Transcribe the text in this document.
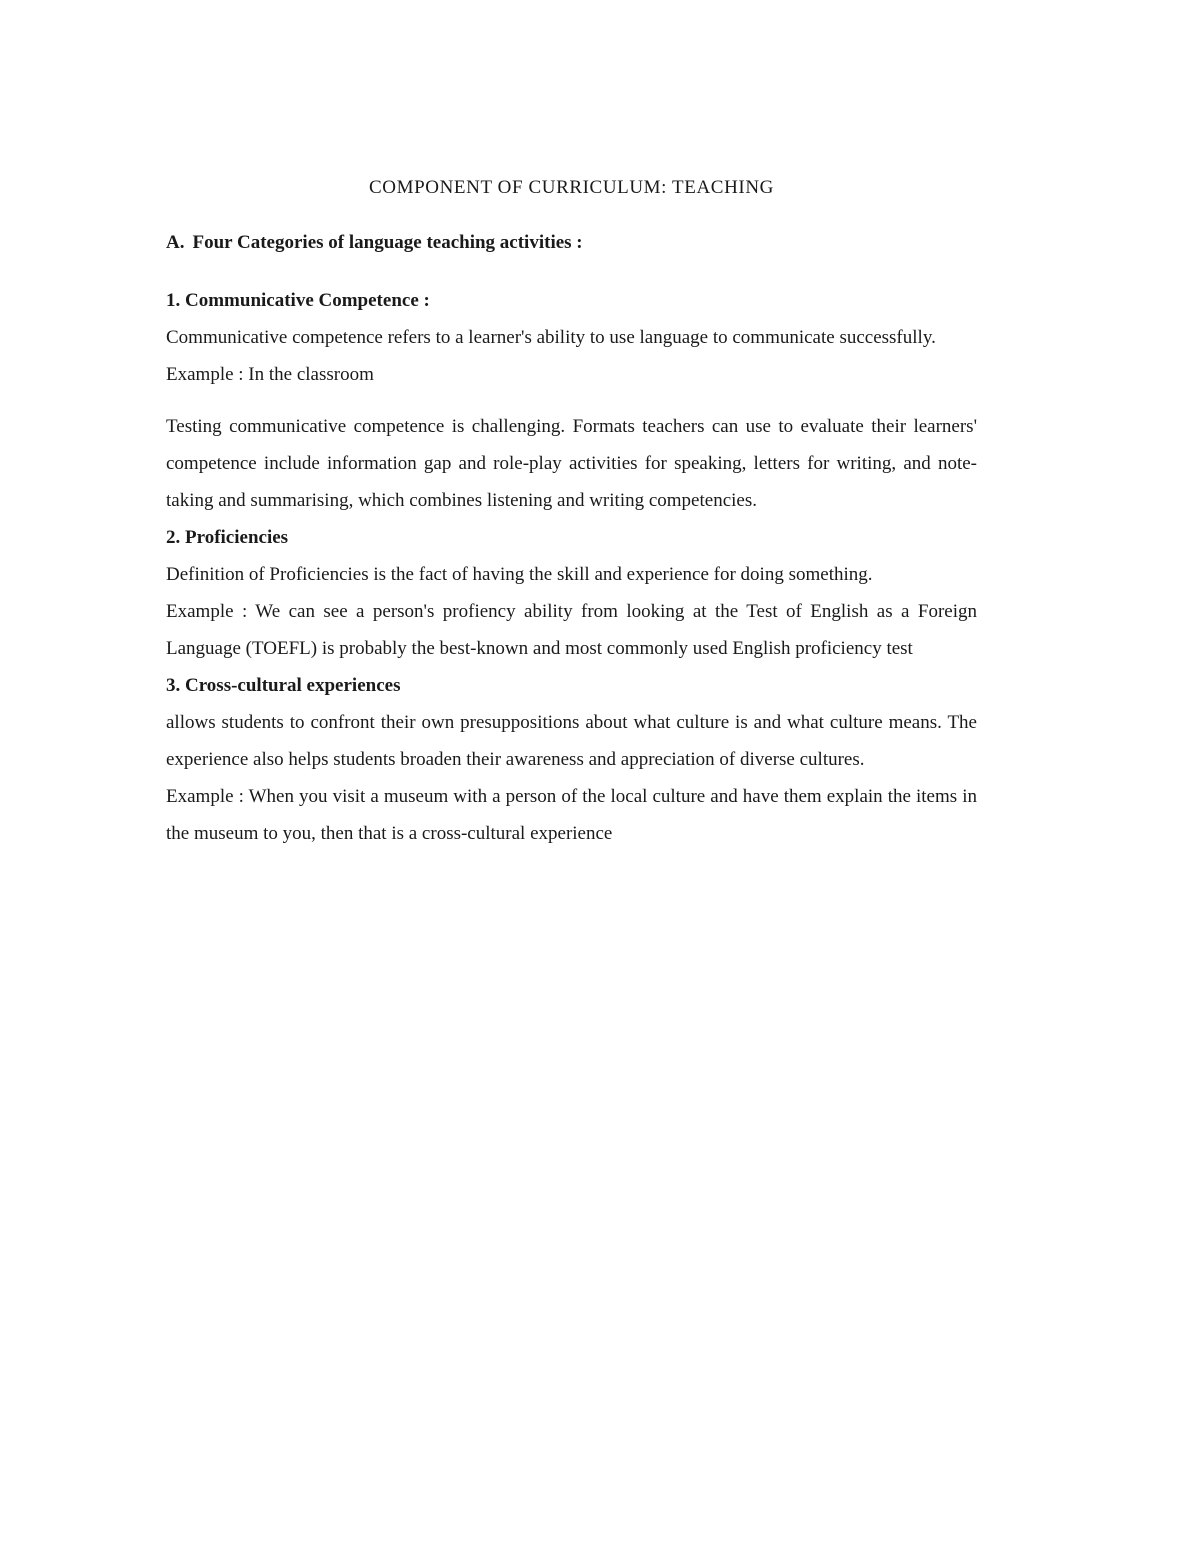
COMPONENT OF CURRICULUM: TEACHING
A. Four Categories of language teaching activities :
1. Communicative Competence :

Communicative competence refers to a learner's ability to use language to communicate successfully.

Example : In the classroom

Testing communicative competence is challenging. Formats teachers can use to evaluate their learners' competence include information gap and role-play activities for speaking, letters for writing, and note-taking and summarising, which combines listening and writing competencies.

2. Proficiencies

Definition of Proficiencies is the fact of having the skill and experience for doing something.

Example : We can see a person's profiency ability from looking at the Test of English as a Foreign Language (TOEFL) is probably the best-known and most commonly used English proficiency test

3. Cross-cultural experiences

allows students to confront their own presuppositions about what culture is and what culture means. The experience also helps students broaden their awareness and appreciation of diverse cultures.

Example : When you visit a museum with a person of the local culture and have them explain the items in the museum to you, then that is a cross-cultural experience
